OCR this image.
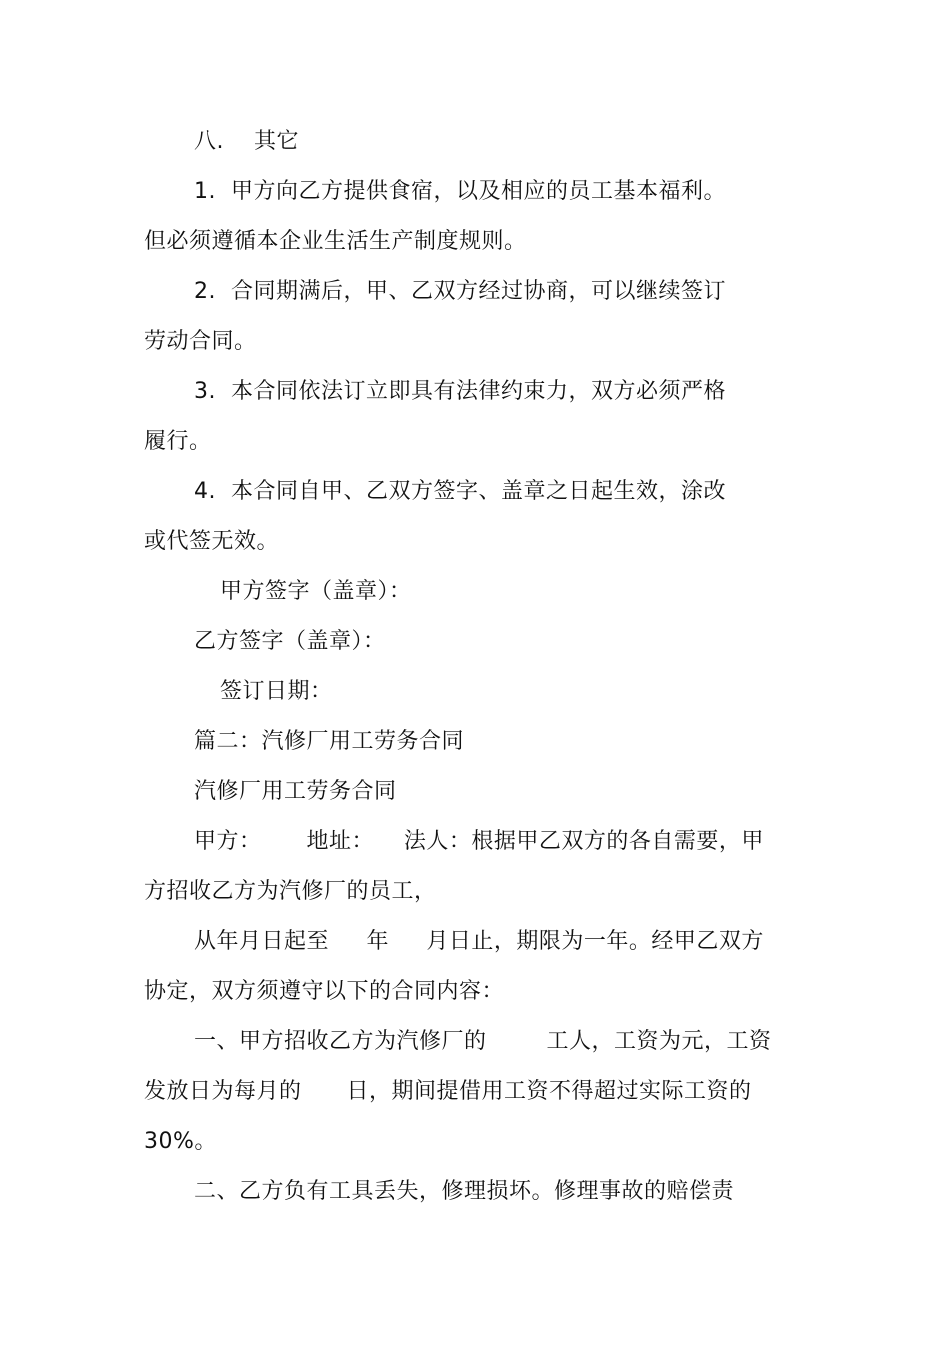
八.    其它
1.  甲方向乙方提供食宿，以及相应的员工基本福利。
但必须遵循本企业生活生产制度规则。
2.  合同期满后，甲、乙双方经过协商，可以继续签订
劳动合同。
3.  本合同依法订立即具有法律约束力，双方必须严格
履行。
4.  本合同自甲、乙双方签字、盖章之日起生效，涂改
或代签无效。
甲方签字（盖章）：
乙方签字（盖章）：
签订日期：
篇二：汽修厂用工劳务合同
汽修厂用工劳务合同
甲方：      地址：    法人：根据甲乙双方的各自需要，甲
方招收乙方为汽修厂的员工，
从年月日起至     年     月日止，期限为一年。经甲乙双方
协定，双方须遵守以下的合同内容：
一、甲方招收乙方为汽修厂的        工人，工资为元，工资
发放日为每月的      日，期间提借用工资不得超过实际工资的
30%。
二、乙方负有工具丢失，修理损坏。修理事故的赔偿责
